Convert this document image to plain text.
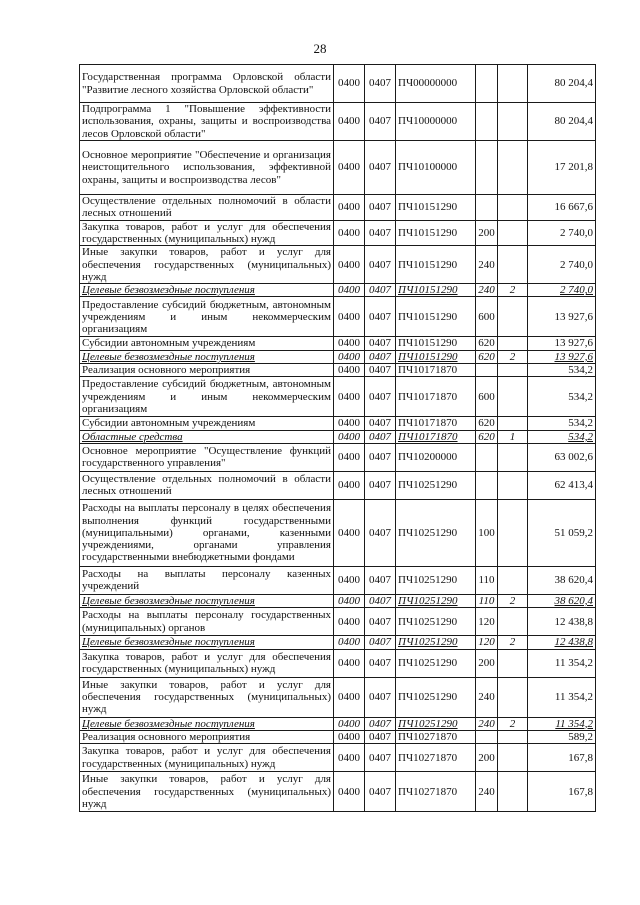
28
Государственная программа Орловской области "Развитие лесного хозяйства Орловской области"	0400	0407	ПЧ00000000			80 204,4
Подпрограмма 1 "Повышение эффективности использования, охраны, защиты и воспроизводства лесов Орловской области"	0400	0407	ПЧ10000000			80 204,4
Основное мероприятие "Обеспечение и организация неистощительного использования, эффективной охраны, защиты и воспроизводства лесов"	0400	0407	ПЧ10100000			17 201,8
Осуществление отдельных полномочий в области лесных отношений	0400	0407	ПЧ10151290			16 667,6
Закупка товаров, работ и услуг для обеспечения государственных (муниципальных) нужд	0400	0407	ПЧ10151290	200		2 740,0
Иные закупки товаров, работ и услуг для обеспечения государственных (муниципальных) нужд	0400	0407	ПЧ10151290	240		2 740,0
Целевые безвозмездные поступления	0400	0407	ПЧ10151290	240	2	2 740,0
Предоставление субсидий бюджетным, автономным учреждениям и иным некоммерческим организациям	0400	0407	ПЧ10151290	600		13 927,6
Субсидии автономным учреждениям	0400	0407	ПЧ10151290	620		13 927,6
Целевые безвозмездные поступления	0400	0407	ПЧ10151290	620	2	13 927,6
Реализация основного мероприятия	0400	0407	ПЧ10171870			534,2
Предоставление субсидий бюджетным, автономным учреждениям и иным некоммерческим организациям	0400	0407	ПЧ10171870	600		534,2
Субсидии автономным учреждениям	0400	0407	ПЧ10171870	620		534,2
Областные средства	0400	0407	ПЧ10171870	620	1	534,2
Основное мероприятие "Осуществление функций государственного управления"	0400	0407	ПЧ10200000			63 002,6
Осуществление отдельных полномочий в области лесных отношений	0400	0407	ПЧ10251290			62 413,4
Расходы на выплаты персоналу в целях обеспечения выполнения функций государственными (муниципальными) органами, казенными учреждениями, органами управления государственными внебюджетными фондами	0400	0407	ПЧ10251290	100		51 059,2
Расходы на выплаты персоналу казенных учреждений	0400	0407	ПЧ10251290	110		38 620,4
Целевые безвозмездные поступления	0400	0407	ПЧ10251290	110	2	38 620,4
Расходы на выплаты персоналу государственных (муниципальных) органов	0400	0407	ПЧ10251290	120		12 438,8
Целевые безвозмездные поступления	0400	0407	ПЧ10251290	120	2	12 438,8
Закупка товаров, работ и услуг для обеспечения государственных (муниципальных) нужд	0400	0407	ПЧ10251290	200		11 354,2
Иные закупки товаров, работ и услуг для обеспечения государственных (муниципальных) нужд	0400	0407	ПЧ10251290	240		11 354,2
Целевые безвозмездные поступления	0400	0407	ПЧ10251290	240	2	11 354,2
Реализация основного мероприятия	0400	0407	ПЧ10271870			589,2
Закупка товаров, работ и услуг для обеспечения государственных (муниципальных) нужд	0400	0407	ПЧ10271870	200		167,8
Иные закупки товаров, работ и услуг для обеспечения государственных (муниципальных) нужд	0400	0407	ПЧ10271870	240		167,8
